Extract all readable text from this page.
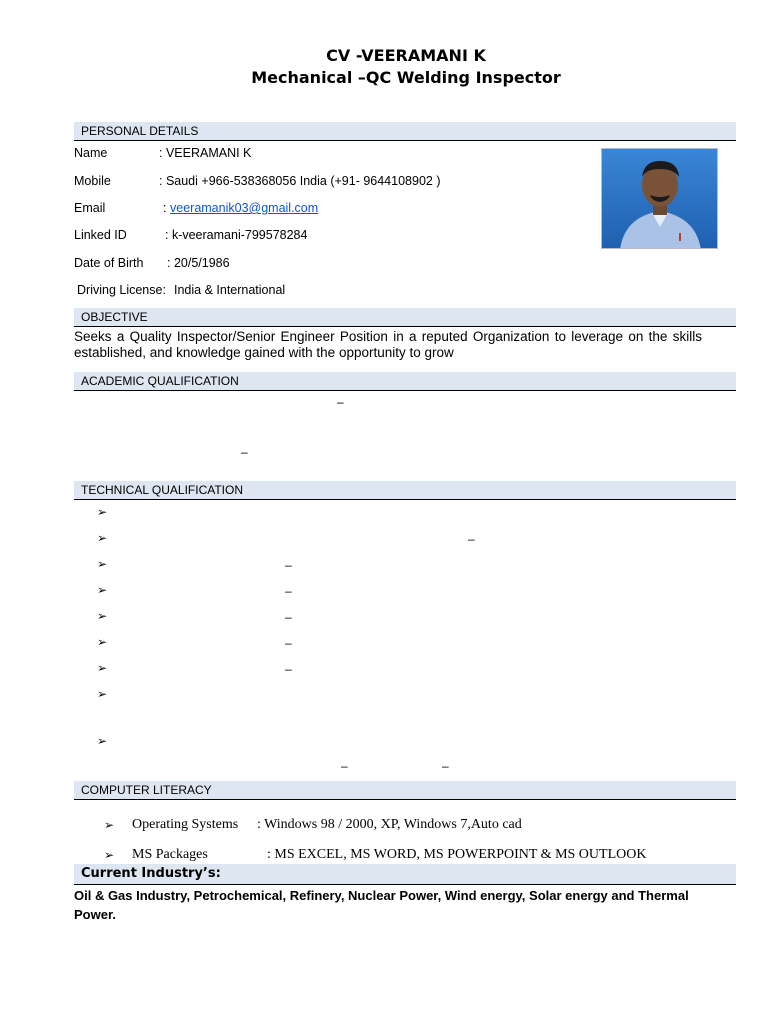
CV -VEERAMANI K
Mechanical –QC Welding Inspector
PERSONAL DETAILS
Name	: VEERAMANI K
Mobile	: Saudi +966-538368056 India (+91- 9644108902 )
Email	: veeramanik03@gmail.com
Linked ID	: k-veeramani-799578284
Date of Birth : 20/5/1986
Driving License: India & International
OBJECTIVE
Seeks a Quality Inspector/Senior Engineer Position in a reputed Organization to leverage on the skills established, and knowledge gained with the opportunity to grow
ACADEMIC QUALIFICATION
–
–
TECHNICAL QUALIFICATION
➢
➢	–
➢	–
➢	–
➢	–
➢	–
➢	–
➢
➢
–	–
COMPUTER LITERACY
➢ Operating Systems : Windows 98 / 2000, XP, Windows 7,Auto cad
➢ MS Packages	: MS EXCEL, MS WORD, MS POWERPOINT & MS OUTLOOK
Current Industry’s:
Oil & Gas Industry, Petrochemical, Refinery, Nuclear Power, Wind energy, Solar energy and Thermal Power.
